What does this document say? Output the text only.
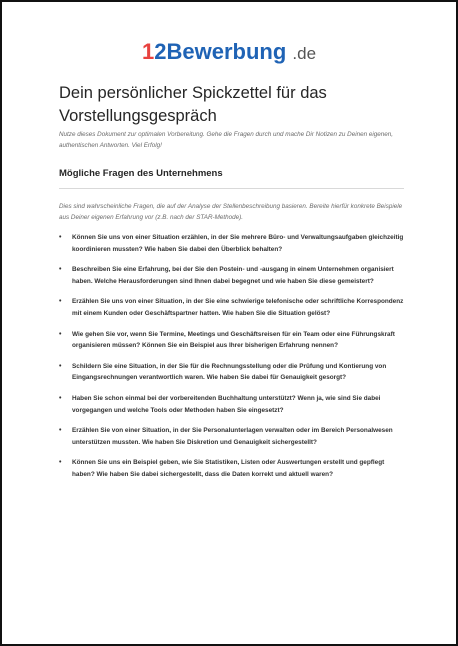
12Bewerbung .de
Dein persönlicher Spickzettel für das Vorstellungsgespräch
Nutze dieses Dokument zur optimalen Vorbereitung. Gehe die Fragen durch und mache Dir Notizen zu Deinen eigenen, authentischen Antworten. Viel Erfolg!
Mögliche Fragen des Unternehmens
Dies sind wahrscheinliche Fragen, die auf der Analyse der Stellenbeschreibung basieren. Bereite hierfür konkrete Beispiele aus Deiner eigenen Erfahrung vor (z.B. nach der STAR-Methode).
• Können Sie uns von einer Situation erzählen, in der Sie mehrere Büro- und Verwaltungsaufgaben gleichzeitig koordinieren mussten? Wie haben Sie dabei den Überblick behalten?
• Beschreiben Sie eine Erfahrung, bei der Sie den Postein- und -ausgang in einem Unternehmen organisiert haben. Welche Herausforderungen sind Ihnen dabei begegnet und wie haben Sie diese gemeistert?
• Erzählen Sie uns von einer Situation, in der Sie eine schwierige telefonische oder schriftliche Korrespondenz mit einem Kunden oder Geschäftspartner hatten. Wie haben Sie die Situation gelöst?
• Wie gehen Sie vor, wenn Sie Termine, Meetings und Geschäftsreisen für ein Team oder eine Führungskraft organisieren müssen? Können Sie ein Beispiel aus Ihrer bisherigen Erfahrung nennen?
• Schildern Sie eine Situation, in der Sie für die Rechnungsstellung oder die Prüfung und Kontierung von Eingangsrechnungen verantwortlich waren. Wie haben Sie dabei für Genauigkeit gesorgt?
• Haben Sie schon einmal bei der vorbereitenden Buchhaltung unterstützt? Wenn ja, wie sind Sie dabei vorgegangen und welche Tools oder Methoden haben Sie eingesetzt?
• Erzählen Sie von einer Situation, in der Sie Personalunterlagen verwalten oder im Bereich Personalwesen unterstützen mussten. Wie haben Sie Diskretion und Genauigkeit sichergestellt?
• Können Sie uns ein Beispiel geben, wie Sie Statistiken, Listen oder Auswertungen erstellt und gepflegt haben? Wie haben Sie dabei sichergestellt, dass die Daten korrekt und aktuell waren?
